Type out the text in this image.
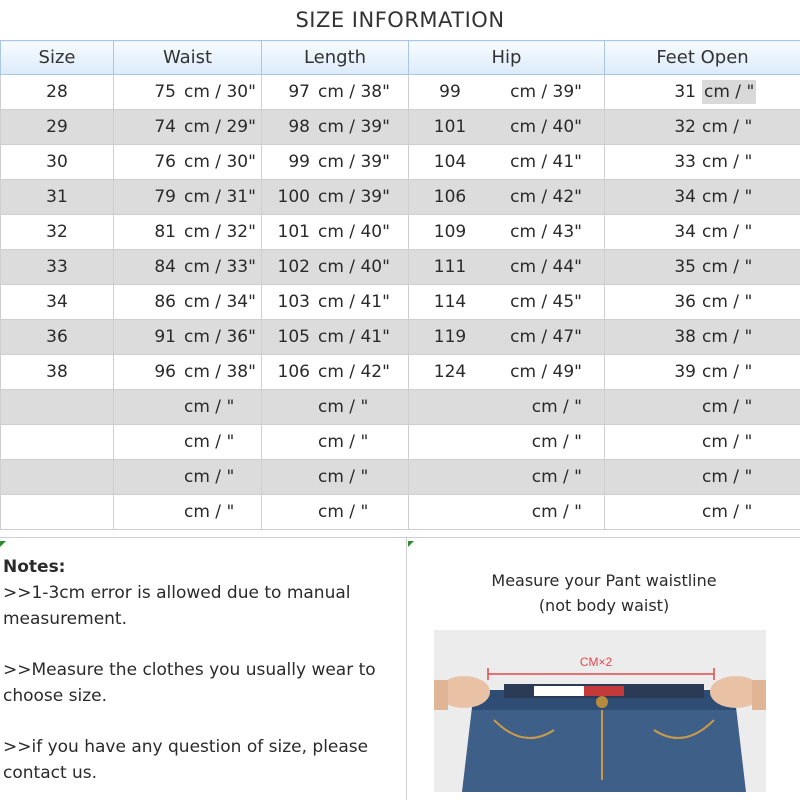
SIZE INFORMATION
Size	Waist	Length	Hip	Feet Open
28	75 cm / 30"	97 cm / 38"	99 cm / 39"	31 cm / "

29	74 cm / 29"	98 cm / 39"	101 cm / 40"	32 cm / "

30	76 cm / 30"	99 cm / 39"	104 cm / 41"	33 cm / "

31	79 cm / 31"	100 cm / 39"	106 cm / 42"	34 cm / "

32	81 cm / 32"	101 cm / 40"	109 cm / 43"	34 cm / "

33	84 cm / 33"	102 cm / 40"	111 cm / 44"	35 cm / "

34	86 cm / 34"	103 cm / 41"	114 cm / 45"	36 cm / "

36	91 cm / 36"	105 cm / 41"	119 cm / 47"	38 cm / "

38	96 cm / 38"	106 cm / 42"	124 cm / 49"	39 cm / "

	cm / "	cm / "	cm / "	cm / "

	cm / "	cm / "	cm / "	cm / "

	cm / "	cm / "	cm / "	cm / "

	cm / "	cm / "	cm / "	cm / "
Notes:

>>1-3cm error is allowed due to manual measurement.

>>Measure the clothes you usually wear to choose size.

>>if you have any question of size, please contact us.

Measure your Pant waistline
(not body waist)
CM×2
